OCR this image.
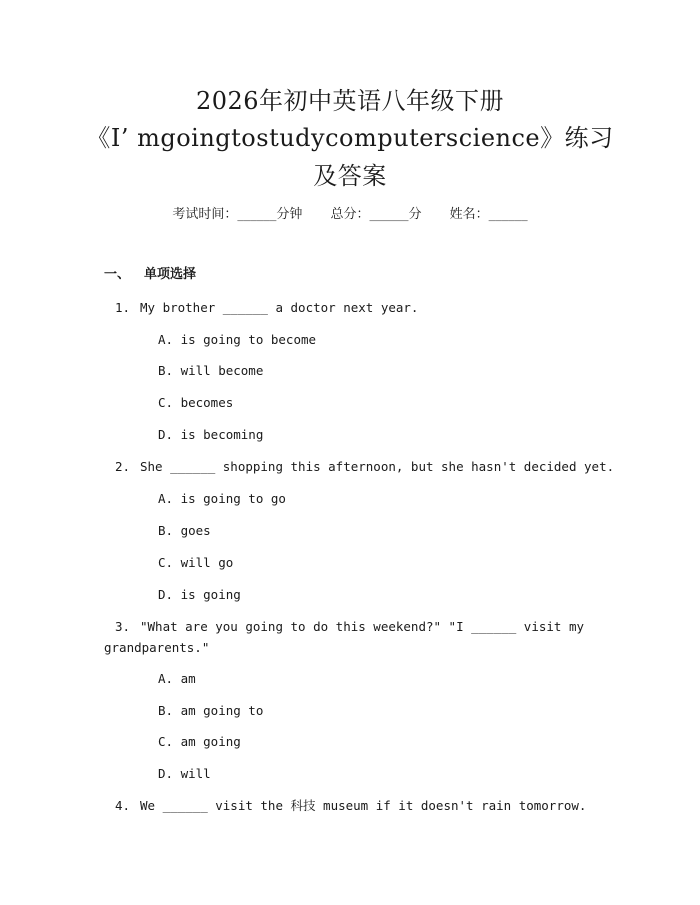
2026年初中英语八年级下册
《I’ mgoingtostudycomputerscience》练习
及答案
考试时间：______分钟 总分：______分 姓名：______
一、 单项选择
1. My brother ______ a doctor next year.
A. is going to become
B. will become
C. becomes
D. is becoming
2. She ______ shopping this afternoon, but she hasn't decided yet.
A. is going to go
B. goes
C. will go
D. is going
3. "What are you going to do this weekend?" "I ______ visit my
grandparents."
A. am
B. am going to
C. am going
D. will
4. We ______ visit the 科技 museum if it doesn't rain tomorrow.
